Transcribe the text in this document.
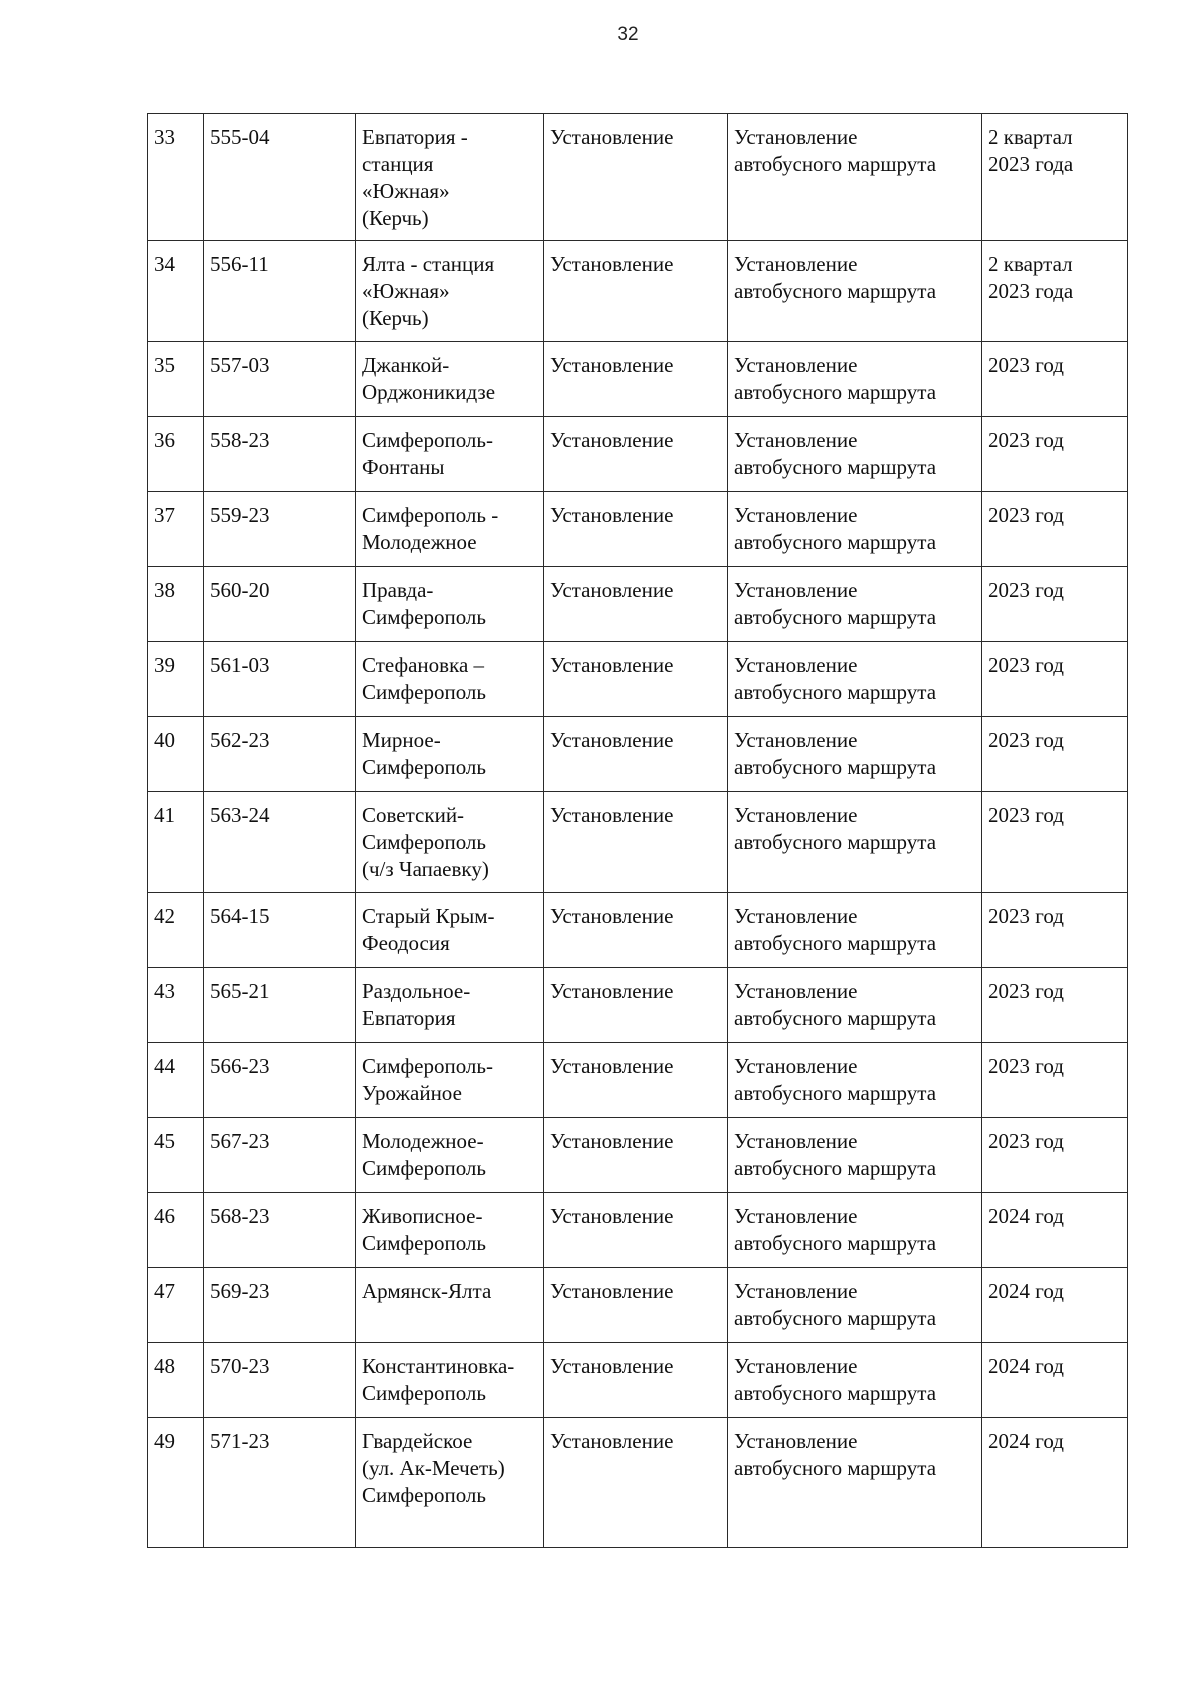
32
33	555-04	Евпатория -
станция
«Южная»
(Керчь)	Установление	Установление
автобусного маршрута	2 квартал
2023 года

34	556-11	Ялта - станция
«Южная»
(Керчь)	Установление	Установление
автобусного маршрута	2 квартал
2023 года

35	557-03	Джанкой-
Орджоникидзе	Установление	Установление
автобусного маршрута	2023 год

36	558-23	Симферополь-
Фонтаны	Установление	Установление
автобусного маршрута	2023 год

37	559-23	Симферополь -
Молодежное	Установление	Установление
автобусного маршрута	2023 год

38	560-20	Правда-
Симферополь	Установление	Установление
автобусного маршрута	2023 год

39	561-03	Стефановка –
Симферополь	Установление	Установление
автобусного маршрута	2023 год

40	562-23	Мирное-
Симферополь	Установление	Установление
автобусного маршрута	2023 год

41	563-24	Советский-
Симферополь
(ч/з Чапаевку)	Установление	Установление
автобусного маршрута	2023 год

42	564-15	Старый Крым-
Феодосия	Установление	Установление
автобусного маршрута	2023 год

43	565-21	Раздольное-
Евпатория	Установление	Установление
автобусного маршрута	2023 год

44	566-23	Симферополь-
Урожайное	Установление	Установление
автобусного маршрута	2023 год

45	567-23	Молодежное-
Симферополь	Установление	Установление
автобусного маршрута	2023 год

46	568-23	Живописное-
Симферополь	Установление	Установление
автобусного маршрута	2024 год

47	569-23	Армянск-Ялта	Установление	Установление
автобусного маршрута	2024 год

48	570-23	Константиновка-
Симферополь	Установление	Установление
автобусного маршрута	2024 год

49	571-23	Гвардейское
(ул. Ак-Мечеть)
Симферополь	Установление	Установление
автобусного маршрута	2024 год
